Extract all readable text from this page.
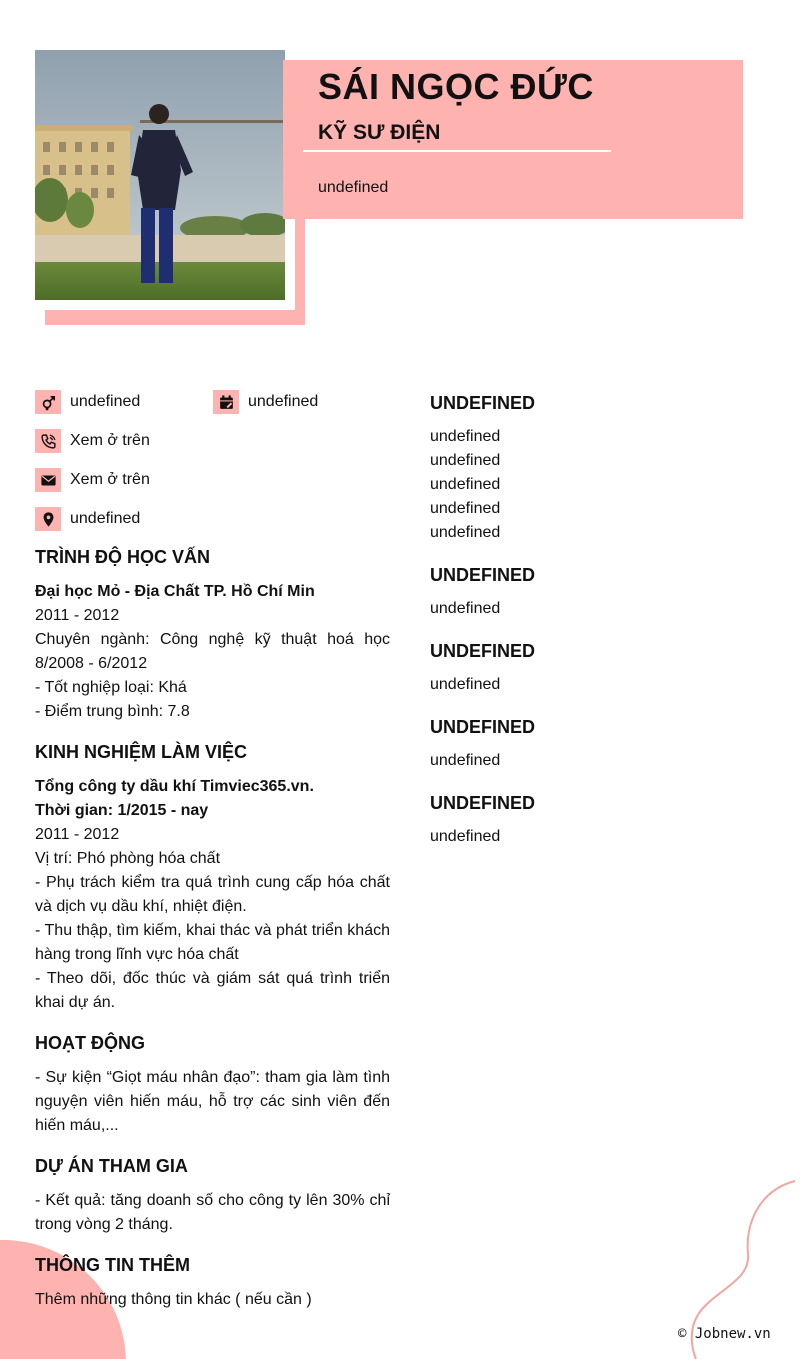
SÁI NGỌC ĐỨC
KỸ SƯ ĐIỆN
undefined
undefined	undefined
Xem ở trên
Xem ở trên
undefined
TRÌNH ĐỘ HỌC VẤN
Đại học Mỏ - Địa Chất TP. Hồ Chí Min
2011 - 2012
Chuyên ngành: Công nghệ kỹ thuật hoá học 8/2008 - 6/2012
- Tốt nghiệp loại: Khá
- Điểm trung bình: 7.8
KINH NGHIỆM LÀM VIỆC
Tổng công ty dầu khí Timviec365.vn.
Thời gian: 1/2015 - nay
2011 - 2012
Vị trí: Phó phòng hóa chất
- Phụ trách kiểm tra quá trình cung cấp hóa chất và dịch vụ dầu khí, nhiệt điện.
- Thu thập, tìm kiếm, khai thác và phát triển khách hàng trong lĩnh vực hóa chất
- Theo dõi, đốc thúc và giám sát quá trình triển khai dự án.
HOẠT ĐỘNG
- Sự kiện “Giọt máu nhân đạo”: tham gia làm tình nguyện viên hiến máu, hỗ trợ các sinh viên đến hiến máu,...
DỰ ÁN THAM GIA
- Kết quả: tăng doanh số cho công ty lên 30% chỉ trong vòng 2 tháng.
THÔNG TIN THÊM
Thêm những thông tin khác ( nếu cần )
UNDEFINED
undefined
undefined
undefined
undefined
undefined
UNDEFINED
undefined
UNDEFINED
undefined
UNDEFINED
undefined
UNDEFINED
undefined
© Jobnew.vn
